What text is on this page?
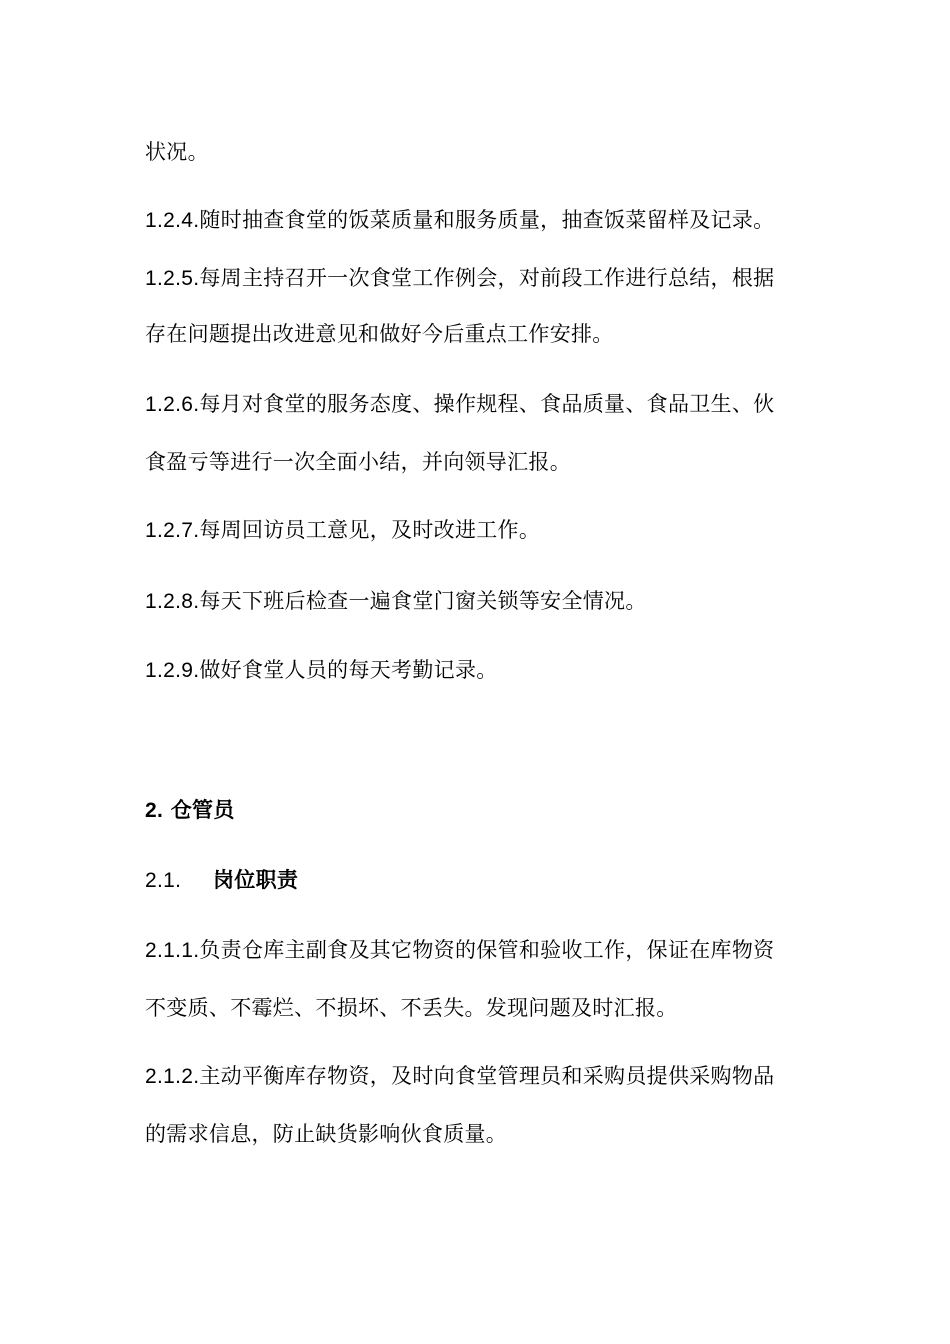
状况。
1.2.4.随时抽查食堂的饭菜质量和服务质量，抽查饭菜留样及记录。
1.2.5.每周主持召开一次食堂工作例会，对前段工作进行总结，根据
存在问题提出改进意见和做好今后重点工作安排。
1.2.6.每月对食堂的服务态度、操作规程、食品质量、食品卫生、伙
食盈亏等进行一次全面小结，并向领导汇报。
1.2.7.每周回访员工意见，及时改进工作。
1.2.8.每天下班后检查一遍食堂门窗关锁等安全情况。
1.2.9.做好食堂人员的每天考勤记录。
2. 仓管员
2.1. 岗位职责
2.1.1.负责仓库主副食及其它物资的保管和验收工作，保证在库物资
不变质、不霉烂、不损坏、不丢失。发现问题及时汇报。
2.1.2.主动平衡库存物资，及时向食堂管理员和采购员提供采购物品
的需求信息，防止缺货影响伙食质量。
